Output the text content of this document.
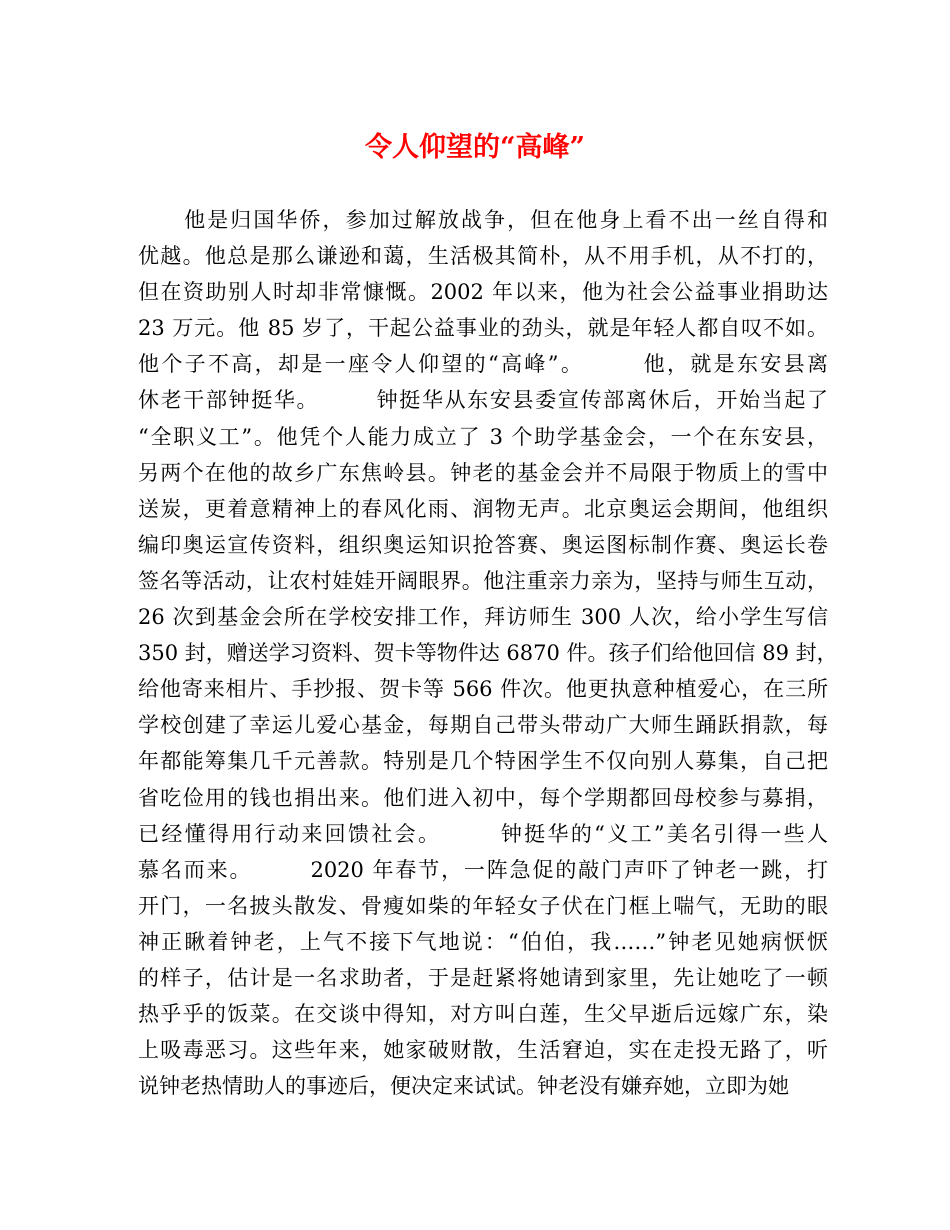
令人仰望的“高峰”
　　他是归国华侨，参加过解放战争，但在他身上看不出一丝自得和
优越。他总是那么谦逊和蔼，生活极其简朴，从不用手机，从不打的，
但在资助别人时却非常慷慨。2002 年以来，他为社会公益事业捐助达
23 万元。他 85 岁了，干起公益事业的劲头，就是年轻人都自叹不如。
他个子不高，却是一座令人仰望的“高峰”。　　　他，就是东安县离
休老干部钟挺华。　　　钟挺华从东安县委宣传部离休后，开始当起了
“全职义工”。他凭个人能力成立了 3 个助学基金会，一个在东安县，
另两个在他的故乡广东焦岭县。钟老的基金会并不局限于物质上的雪中
送炭，更着意精神上的春风化雨、润物无声。北京奥运会期间，他组织
编印奥运宣传资料，组织奥运知识抢答赛、奥运图标制作赛、奥运长卷
签名等活动，让农村娃娃开阔眼界。他注重亲力亲为，坚持与师生互动，
26 次到基金会所在学校安排工作，拜访师生 300 人次，给小学生写信
350 封，赠送学习资料、贺卡等物件达 6870 件。孩子们给他回信 89 封，
给他寄来相片、手抄报、贺卡等 566 件次。他更执意种植爱心，在三所
学校创建了幸运儿爱心基金，每期自己带头带动广大师生踊跃捐款，每
年都能筹集几千元善款。特别是几个特困学生不仅向别人募集，自己把
省吃俭用的钱也捐出来。他们进入初中，每个学期都回母校参与募捐，
已经懂得用行动来回馈社会。　　　钟挺华的“义工”美名引得一些人
慕名而来。　　　2020 年春节，一阵急促的敲门声吓了钟老一跳，打
开门，一名披头散发、骨瘦如柴的年轻女子伏在门框上喘气，无助的眼
神正瞅着钟老，上气不接下气地说：“伯伯，我……”钟老见她病恹恹
的样子，估计是一名求助者，于是赶紧将她请到家里，先让她吃了一顿
热乎乎的饭菜。在交谈中得知，对方叫白莲，生父早逝后远嫁广东，染
上吸毒恶习。这些年来，她家破财散，生活窘迫，实在走投无路了，听
说钟老热情助人的事迹后，便决定来试试。钟老没有嫌弃她，立即为她
